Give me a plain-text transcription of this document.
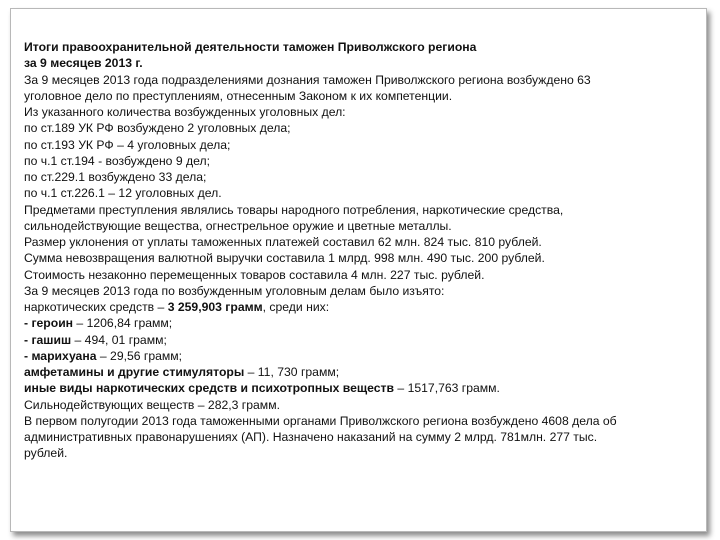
Итоги правоохранительной деятельности таможен Приволжского региона
за 9 месяцев 2013 г.
За 9 месяцев 2013 года подразделениями дознания таможен Приволжского региона возбуждено 63
уголовное дело по преступлениям, отнесенным Законом к их компетенции.
Из указанного количества возбужденных уголовных дел:
по ст.189 УК РФ возбуждено 2 уголовных дела;
по ст.193 УК РФ – 4 уголовных дела;
по ч.1 ст.194 - возбуждено 9 дел;
по ст.229.1 возбуждено 33 дела;
по ч.1 ст.226.1 – 12 уголовных дел.
Предметами преступления являлись товары народного потребления, наркотические средства,
сильнодействующие вещества, огнестрельное оружие и цветные металлы.
Размер уклонения от уплаты таможенных платежей составил 62 млн. 824 тыс. 810 рублей.
Сумма невозвращения валютной выручки составила 1 млрд. 998 млн. 490 тыс. 200 рублей.
Стоимость незаконно перемещенных товаров составила 4 млн. 227 тыс. рублей.
За 9 месяцев 2013 года по возбужденным уголовным делам было изъято:
наркотических средств – 3 259,903 грамм, среди них:
- героин – 1206,84 грамм;
- гашиш – 494, 01 грамм;
- марихуана – 29,56 грамм;
амфетамины и другие стимуляторы – 11, 730 грамм;
иные виды наркотических средств и психотропных веществ – 1517,763 грамм.
Сильнодействующих веществ – 282,3 грамм.
В первом полугодии 2013 года таможенными органами Приволжского региона возбуждено 4608 дела об
административных правонарушениях (АП). Назначено наказаний на сумму 2 млрд. 781млн. 277 тыс.
рублей.
